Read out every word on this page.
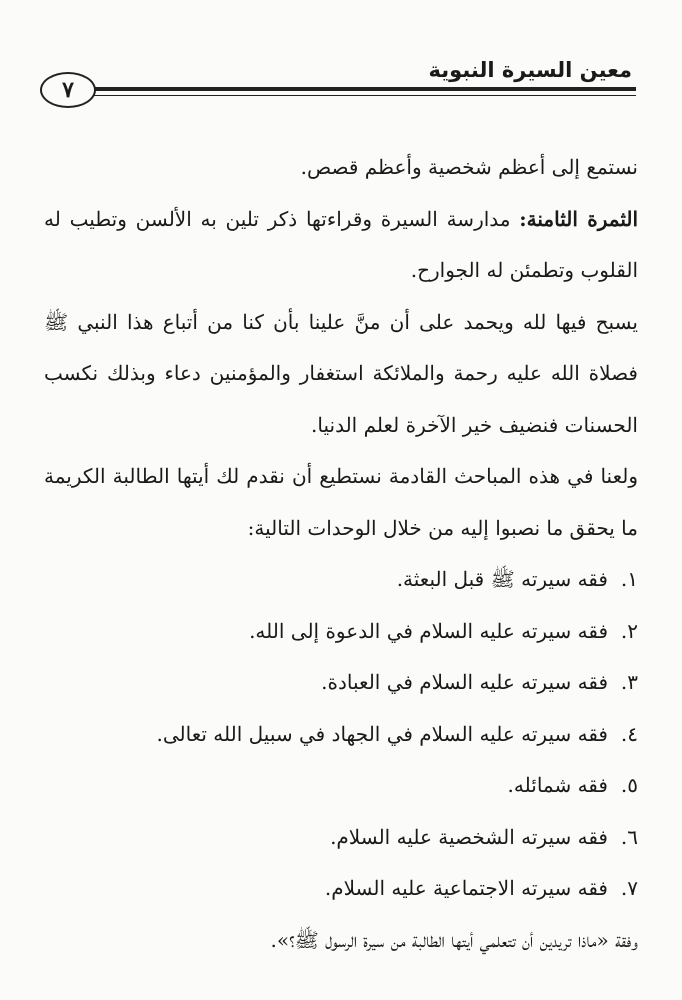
٧
معين السيرة النبوية

نستمع إلى أعظم شخصية وأعظم قصص.

الثمرة الثامنة: مدارسة السيرة وقراءتها ذكر تلين به الألسن وتطيب له القلوب وتطمئن له الجوارح.

يسبح فيها لله ويحمد على أن منَّ علينا بأن كنا من أتباع هذا النبي ﷺ فصلاة الله عليه رحمة والملائكة استغفار والمؤمنين دعاء وبذلك نكسب الحسنات فنضيف خير الآخرة لعلم الدنيا.

ولعنا في هذه المباحث القادمة نستطيع أن نقدم لك أيتها الطالبة الكريمة ما يحقق ما نصبوا إليه من خلال الوحدات التالية:

١.
فقه سيرته ﷺ قبل البعثة.
٢.
فقه سيرته عليه السلام في الدعوة إلى الله.
٣.
فقه سيرته عليه السلام في العبادة.
٤.
فقه سيرته عليه السلام في الجهاد في سبيل الله تعالى.
٥.
فقه شمائله.
٦.
فقه سيرته الشخصية عليه السلام.
٧.
فقه سيرته الاجتماعية عليه السلام.

وفقة «ماذا تريدين أن تتعلمي أيتها الطالبة من سيرة الرسول ﷺ؟».
